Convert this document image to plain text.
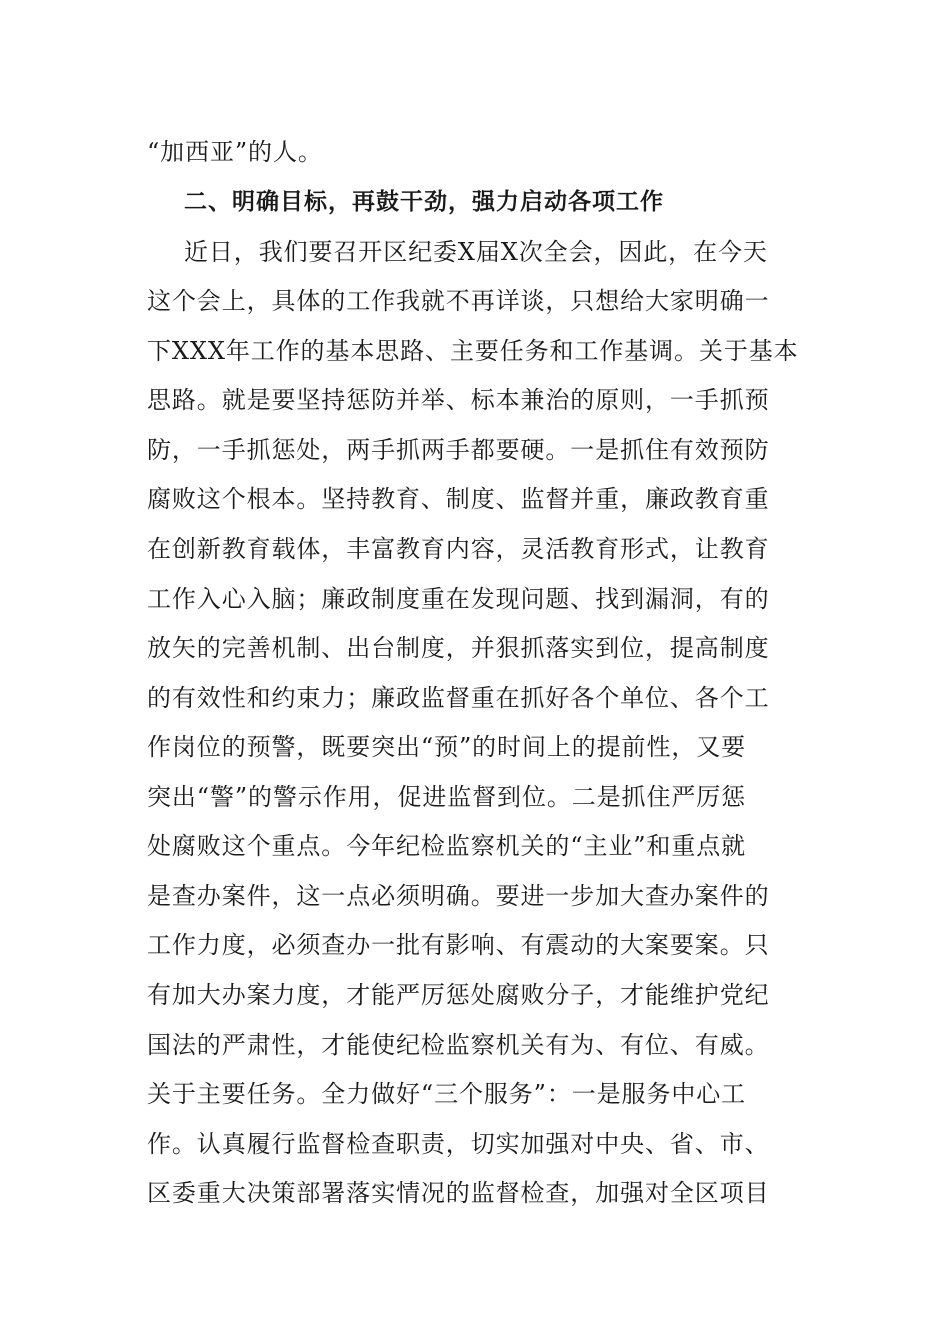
“加西亚”的人。
二、明确目标，再鼓干劲，强力启动各项工作
近日，我们要召开区纪委X届X次全会，因此，在今天
这个会上，具体的工作我就不再详谈，只想给大家明确一
下XXX年工作的基本思路、主要任务和工作基调。关于基本
思路。就是要坚持惩防并举、标本兼治的原则，一手抓预
防，一手抓惩处，两手抓两手都要硬。一是抓住有效预防
腐败这个根本。坚持教育、制度、监督并重，廉政教育重
在创新教育载体，丰富教育内容，灵活教育形式，让教育
工作入心入脑；廉政制度重在发现问题、找到漏洞，有的
放矢的完善机制、出台制度，并狠抓落实到位，提高制度
的有效性和约束力；廉政监督重在抓好各个单位、各个工
作岗位的预警，既要突出“预”的时间上的提前性，又要
突出“警”的警示作用，促进监督到位。二是抓住严厉惩
处腐败这个重点。今年纪检监察机关的“主业”和重点就
是查办案件，这一点必须明确。要进一步加大查办案件的
工作力度，必须查办一批有影响、有震动的大案要案。只
有加大办案力度，才能严厉惩处腐败分子，才能维护党纪
国法的严肃性，才能使纪检监察机关有为、有位、有威。
关于主要任务。全力做好“三个服务”：一是服务中心工
作。认真履行监督检查职责，切实加强对中央、省、市、
区委重大决策部署落实情况的监督检查，加强对全区项目
